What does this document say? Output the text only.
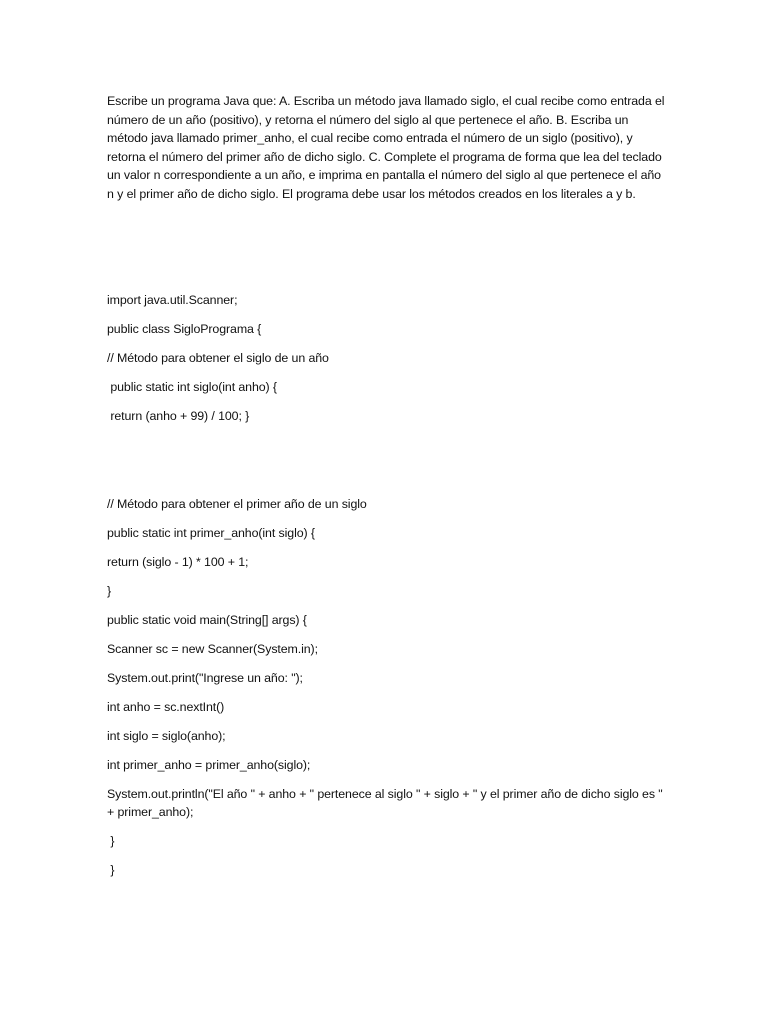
Escribe un programa Java que: A. Escriba un método java llamado siglo, el cual recibe como entrada el número de un año (positivo), y retorna el número del siglo al que pertenece el año. B. Escriba un método java llamado primer_anho, el cual recibe como entrada el número de un siglo (positivo), y retorna el número del primer año de dicho siglo. C. Complete el programa de forma que lea del teclado un valor n correspondiente a un año, e imprima en pantalla el número del siglo al que pertenece el año n y el primer año de dicho siglo. El programa debe usar los métodos creados en los literales a y b.

import java.util.Scanner;

public class SigloPrograma {

// Método para obtener el siglo de un año

public static int siglo(int anho) {

return (anho + 99) / 100; }

// Método para obtener el primer año de un siglo

public static int primer_anho(int siglo) {

return (siglo - 1) * 100 + 1;

}

public static void main(String[] args) {

Scanner sc = new Scanner(System.in);

System.out.print("Ingrese un año: ");

int anho = sc.nextInt()

int siglo = siglo(anho);

int primer_anho = primer_anho(siglo);

System.out.println("El año " + anho + " pertenece al siglo " + siglo + " y el primer año de dicho siglo es " + primer_anho);

}

}
